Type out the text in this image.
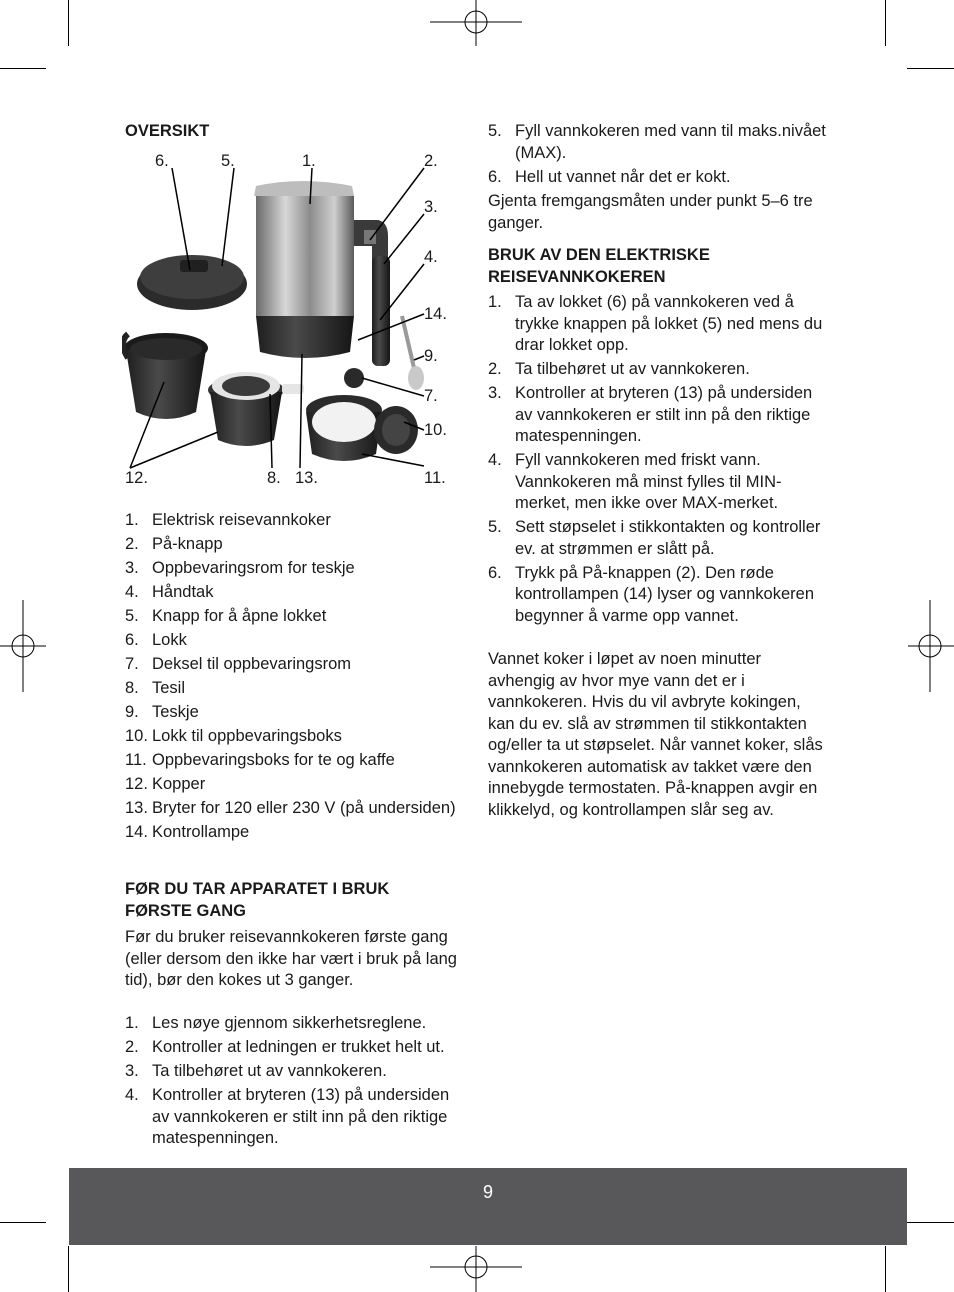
OVERSIKT
6.	5.	1.	2.
3.
4.
14.
9.
7.
10.
12.	8. 13.	11.
1. Elektrisk reisevannkoker
2. På-knapp
3. Oppbevaringsrom for teskje
4. Håndtak
5. Knapp for å åpne lokket
6. Lokk
7. Deksel til oppbevaringsrom
8. Tesil
9. Teskje
10. Lokk til oppbevaringsboks
11. Oppbevaringsboks for te og kaffe
12. Kopper
13. Bryter for 120 eller 230 V (på undersiden)
14. Kontrollampe
FØR DU TAR APPARATET I BRUK
FØRSTE GANG
Før du bruker reisevannkokeren første gang (eller dersom den ikke har vært i bruk på lang tid), bør den kokes ut 3 ganger.
1. Les nøye gjennom sikkerhetsreglene.
2. Kontroller at ledningen er trukket helt ut.
3. Ta tilbehøret ut av vannkokeren.
4. Kontroller at bryteren (13) på undersiden av vannkokeren er stilt inn på den riktige matespenningen.
5. Fyll vannkokeren med vann til maks.nivået (MAX).
6. Hell ut vannet når det er kokt.
Gjenta fremgangsmåten under punkt 5–6 tre ganger.
BRUK AV DEN ELEKTRISKE
REISEVANNKOKEREN
1. Ta av lokket (6) på vannkokeren ved å trykke knappen på lokket (5) ned mens du drar lokket opp.
2. Ta tilbehøret ut av vannkokeren.
3. Kontroller at bryteren (13) på undersiden av vannkokeren er stilt inn på den riktige matespenningen.
4. Fyll vannkokeren med friskt vann. Vannkokeren må minst fylles til MIN-merket, men ikke over MAX-merket.
5. Sett støpselet i stikkontakten og kontroller ev. at strømmen er slått på.
6. Trykk på På-knappen (2). Den røde kontrollampen (14) lyser og vannkokeren begynner å varme opp vannet.
Vannet koker i løpet av noen minutter avhengig av hvor mye vann det er i vannkokeren. Hvis du vil avbryte kokingen, kan du ev. slå av strømmen til stikkontakten og/eller ta ut støpselet. Når vannet koker, slås vannkokeren automatisk av takket være den innebygde termostaten. På-knappen avgir en klikkelyd, og kontrollampen slår seg av.
9
